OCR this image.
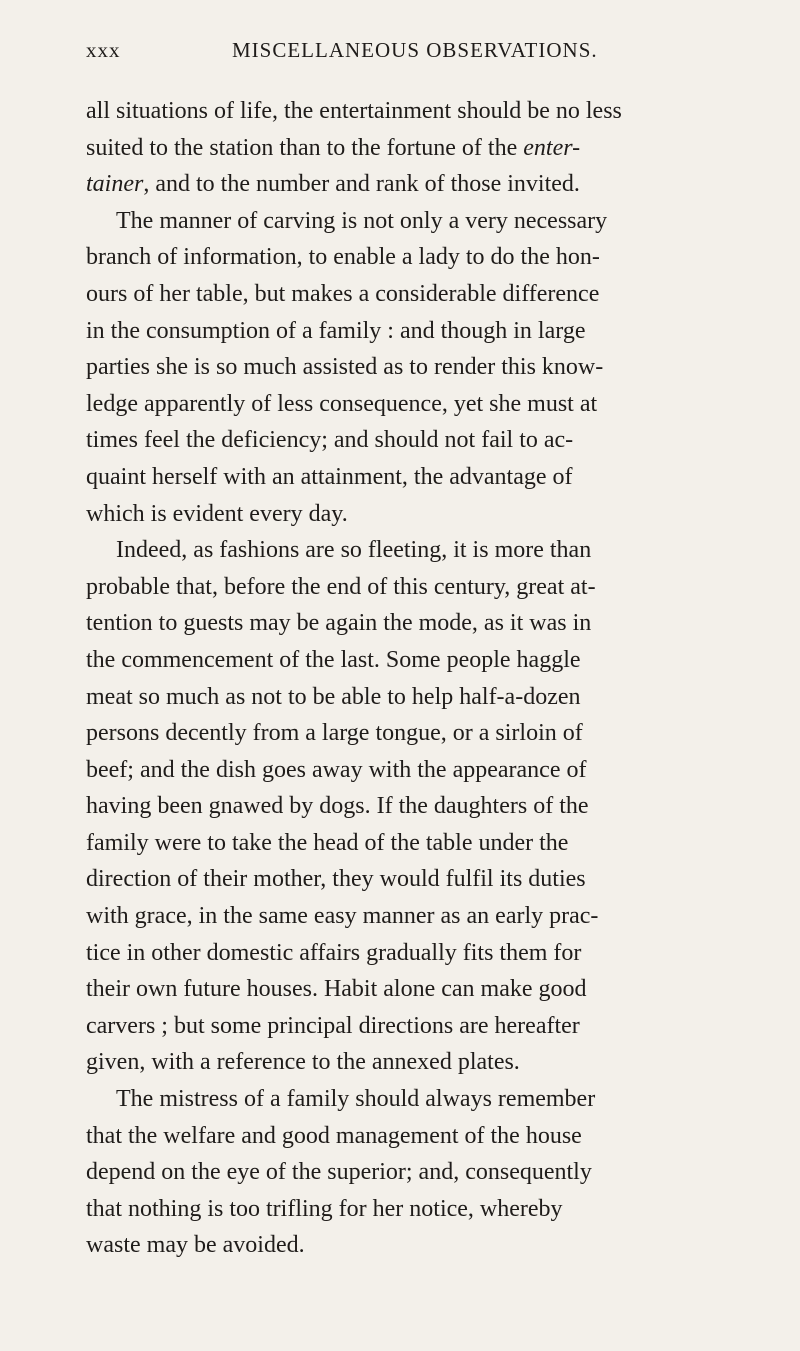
xxx	MISCELLANEOUS OBSERVATIONS.
all situations of life, the entertainment should be no less
suited to the station than to the fortune of the enter-
tainer, and to the number and rank of those invited.
The manner of carving is not only a very necessary
branch of information, to enable a lady to do the hon-
ours of her table, but makes a considerable difference
in the consumption of a family : and though in large
parties she is so much assisted as to render this know-
ledge apparently of less consequence, yet she must at
times feel the deficiency; and should not fail to ac-
quaint herself with an attainment, the advantage of
which is evident every day.
Indeed, as fashions are so fleeting, it is more than
probable that, before the end of this century, great at-
tention to guests may be again the mode, as it was in
the commencement of the last. Some people haggle
meat so much as not to be able to help half-a-dozen
persons decently from a large tongue, or a sirloin of
beef; and the dish goes away with the appearance of
having been gnawed by dogs. If the daughters of the
family were to take the head of the table under the
direction of their mother, they would fulfil its duties
with grace, in the same easy manner as an early prac-
tice in other domestic affairs gradually fits them for
their own future houses. Habit alone can make good
carvers ; but some principal directions are hereafter
given, with a reference to the annexed plates.
The mistress of a family should always remember
that the welfare and good management of the house
depend on the eye of the superior; and, consequently
that nothing is too trifling for her notice, whereby
waste may be avoided.
